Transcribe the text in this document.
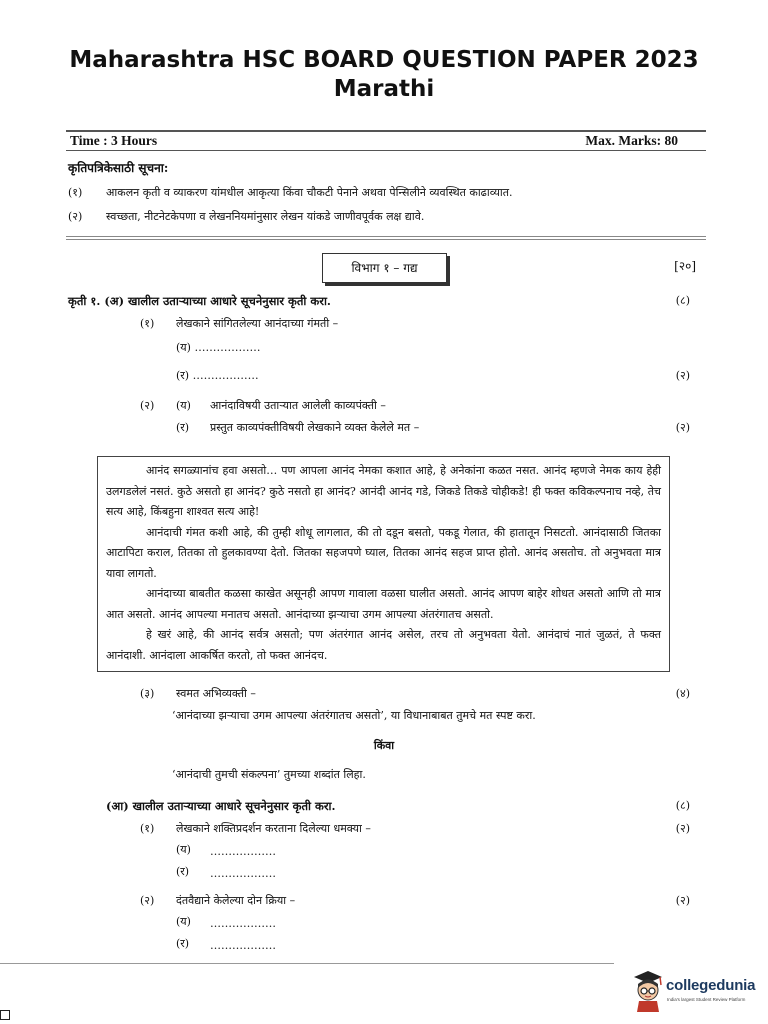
Maharashtra HSC BOARD QUESTION PAPER 2023
Marathi
Time : 3 Hours	Max. Marks: 80
कृतिपत्रिकेसाठी सूचना:
(१) आकलन कृती व व्याकरण यांमधील आकृत्या किंवा चौकटी पेनाने अथवा पेन्सिलीने व्यवस्थित काढाव्यात.
(२) स्वच्छता, नीटनेटकेपणा व लेखननियमांनुसार लेखन यांकडे जाणीवपूर्वक लक्ष द्यावे.
विभाग १ – गद्य	[२०]
कृती १. (अ) खालील उताऱ्याच्या आधारे सूचनेनुसार कृती करा.	(८)
(१) लेखकाने सांगितलेल्या आनंदाच्या गंमती –
(य) ………………
(र) ………………	(२)
(२) (य) आनंदाविषयी उताऱ्यात आलेली काव्यपंक्ती –
(र) प्रस्तुत काव्यपंक्तीविषयी लेखकाने व्यक्त केलेले मत –	(२)

आनंद सगळ्यानांच हवा असतो… पण आपला आनंद नेमका कशात आहे, हे अनेकांना कळत नसत. आनंद म्हणजे नेमक काय हेही उलगडलेलं नसतं. कुठे असतो हा आनंद? कुठे नसतो हा आनंद? आनंदी आनंद गडे, जिकडे तिकडे चोहीकडे! ही फक्त कविकल्पनाच नव्हे, तेच सत्य आहे, किंबहुना शाश्वत सत्य आहे!

आनंदाची गंमत कशी आहे, की तुम्ही शोधू लागलात, की तो दडून बसतो, पकडू गेलात, की हातातून निसटतो. आनंदासाठी जितका आटापिटा कराल, तितका तो हुलकावण्या देतो. जितका सहजपणे घ्याल, तितका आनंद सहज प्राप्त होतो. आनंद असतोच. तो अनुभवता मात्र यावा लागतो.

आनंदाच्या बाबतीत कळसा काखेत असूनही आपण गावाला वळसा घालीत असतो. आनंद आपण बाहेर शोधत असतो आणि तो मात्र आत असतो. आनंद आपल्या मनातच असतो. आनंदाच्या झऱ्याचा उगम आपल्या अंतरंगातच असतो.

हे खरं आहे, की आनंद सर्वत्र असतो; पण अंतरंगात आनंद असेल, तरच तो अनुभवता येतो. आनंदाचं नातं जुळतं, ते फक्त आनंदाशी. आनंदाला आकर्षित करतो, तो फक्त आनंदच.

(३) स्वमत अभिव्यक्ती –	(४)
‘आनंदाच्या झऱ्याचा उगम आपल्या अंतरंगातच असतो’, या विधानाबाबत तुमचे मत स्पष्ट करा.
किंवा
‘आनंदाची तुमची संकल्पना’ तुमच्या शब्दांत लिहा.
(आ) खालील उताऱ्याच्या आधारे सूचनेनुसार कृती करा.	(८)
(१) लेखकाने शक्तिप्रदर्शन करताना दिलेल्या धमक्या –	(२)
(य) ………………
(र) ………………
(२) दंतवैद्याने केलेल्या दोन क्रिया –	(२)
(य) ………………
(र) ………………
collegedunia
India's largest Student Review Platform
